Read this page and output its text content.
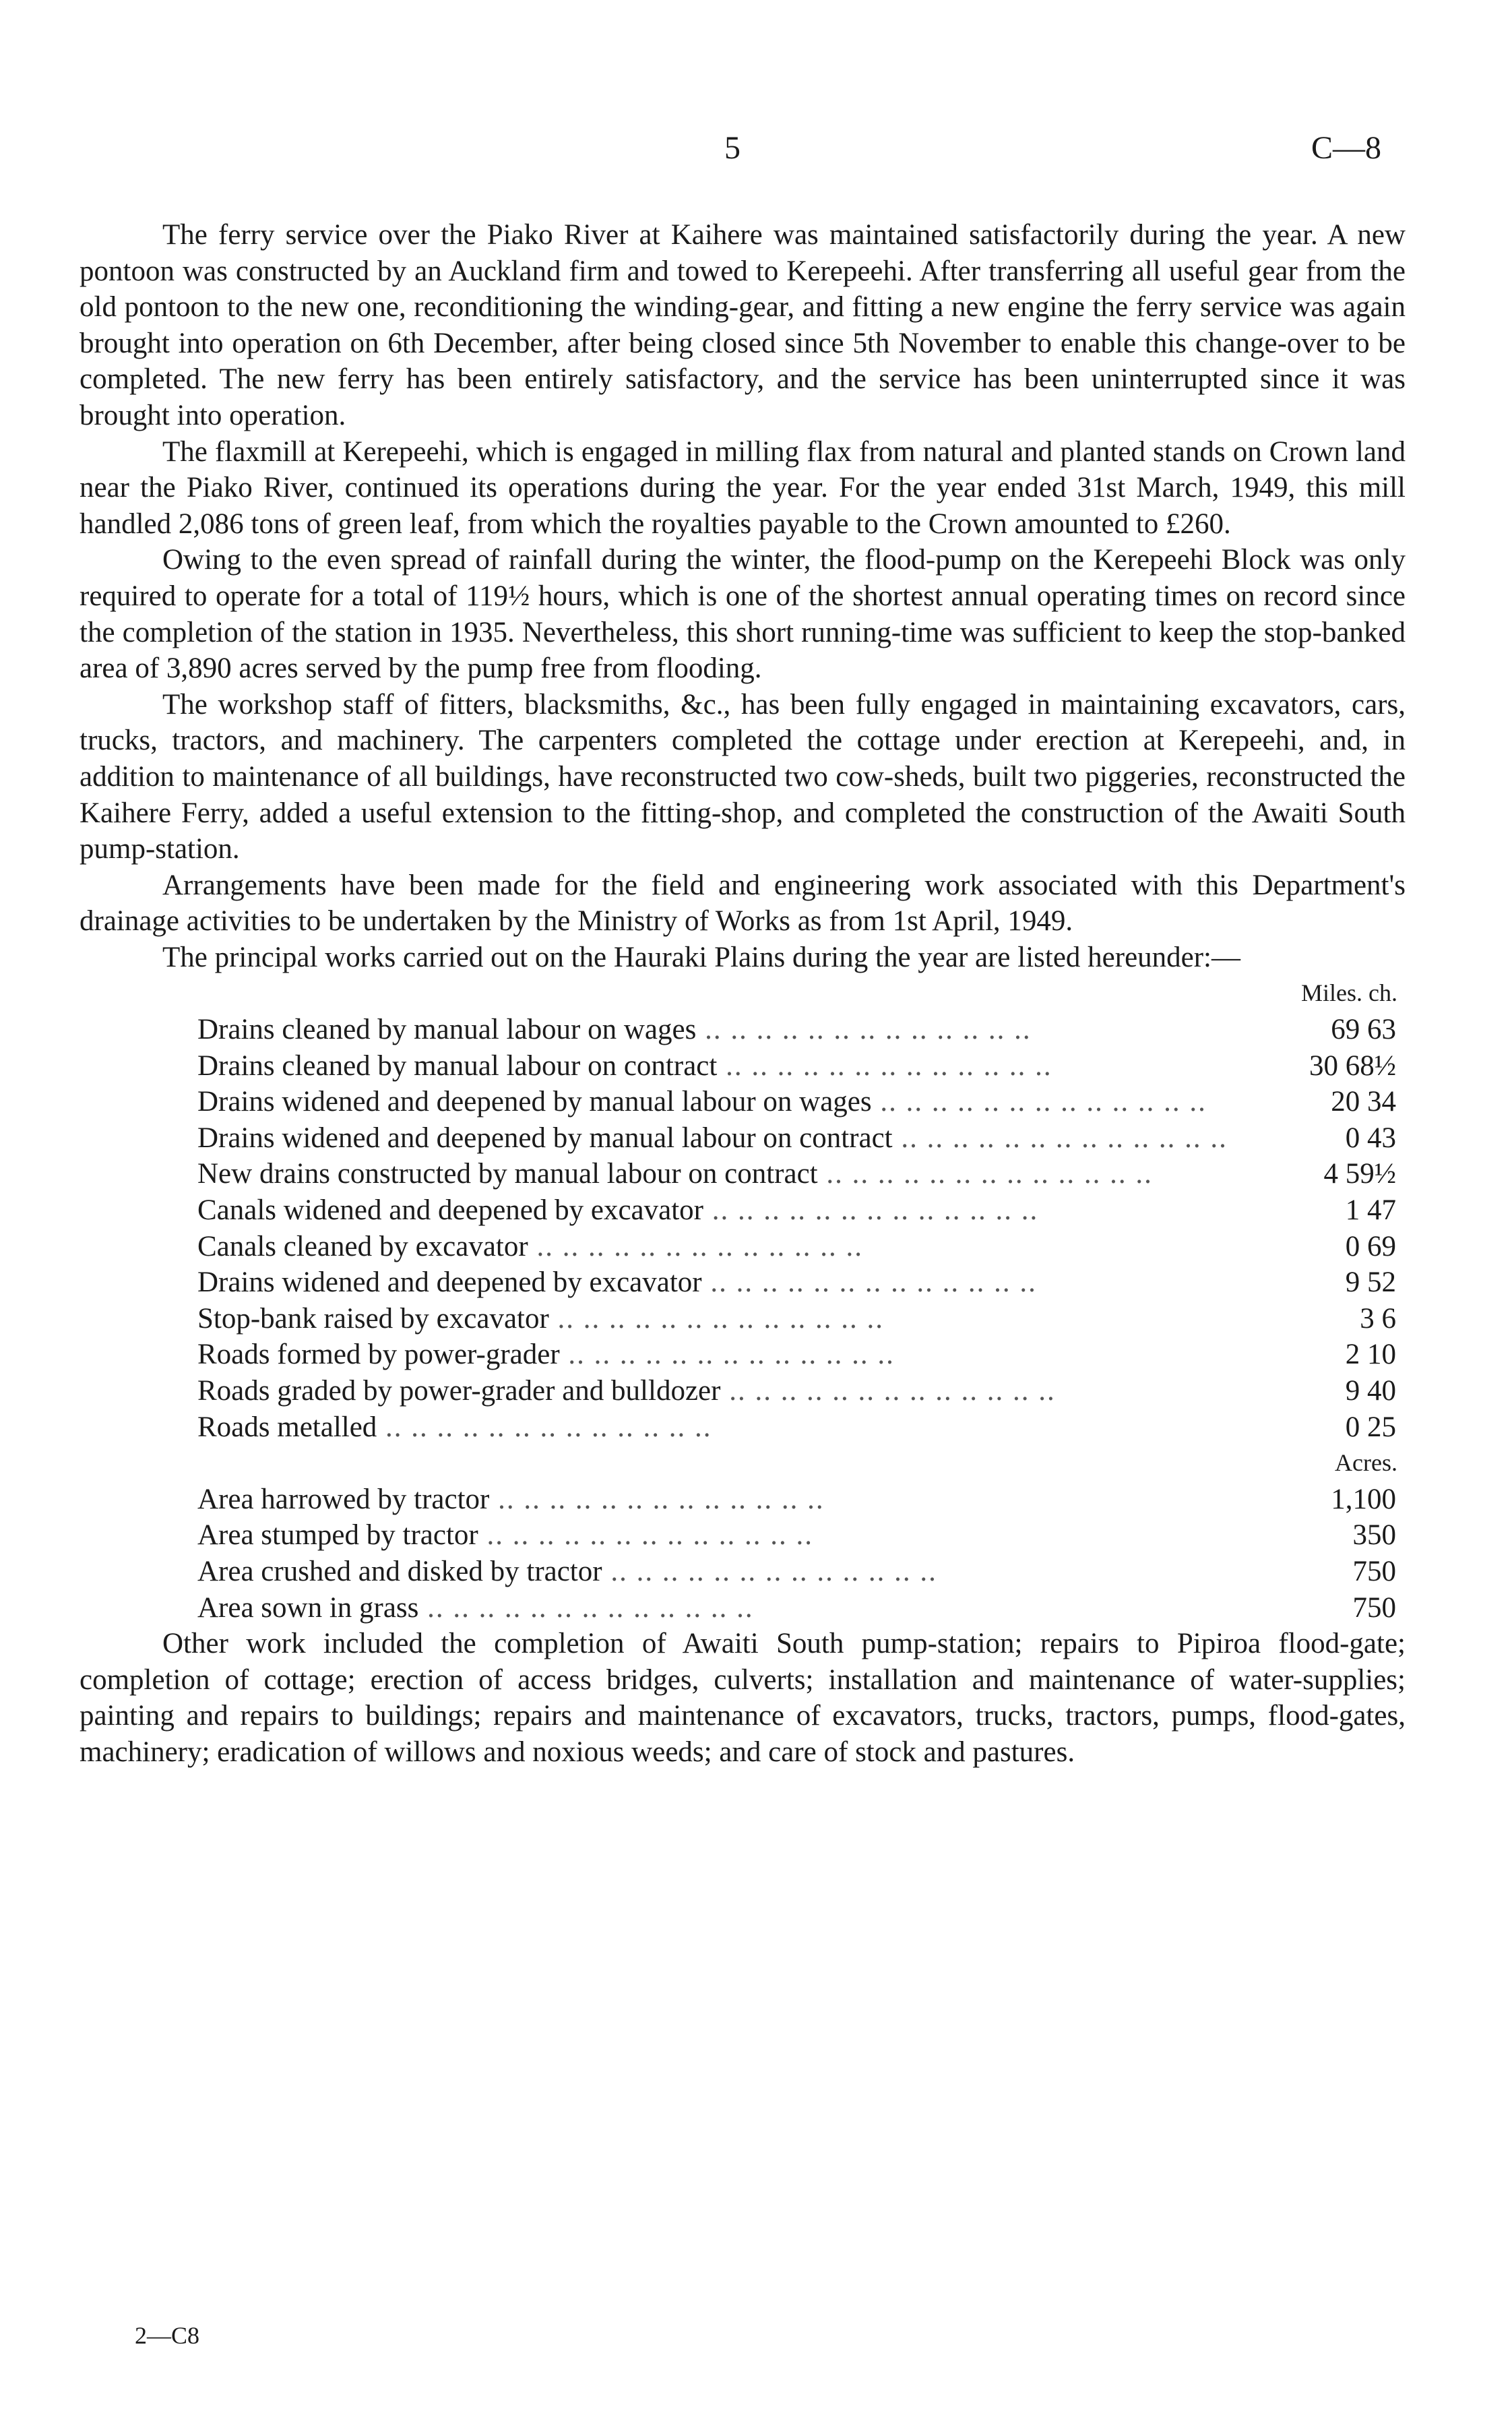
5	C—8

The ferry service over the Piako River at Kaihere was maintained satisfactorily during the year. A new pontoon was constructed by an Auckland firm and towed to Kerepeehi. After transferring all useful gear from the old pontoon to the new one, reconditioning the winding-gear, and fitting a new engine the ferry service was again brought into operation on 6th December, after being closed since 5th November to enable this change-over to be completed. The new ferry has been entirely satisfactory, and the service has been uninterrupted since it was brought into operation.

The flaxmill at Kerepeehi, which is engaged in milling flax from natural and planted stands on Crown land near the Piako River, continued its operations during the year. For the year ended 31st March, 1949, this mill handled 2,086 tons of green leaf, from which the royalties payable to the Crown amounted to £260.

Owing to the even spread of rainfall during the winter, the flood-pump on the Kerepeehi Block was only required to operate for a total of 119½ hours, which is one of the shortest annual operating times on record since the completion of the station in 1935. Nevertheless, this short running-time was sufficient to keep the stop-banked area of 3,890 acres served by the pump free from flooding.

The workshop staff of fitters, blacksmiths, &c., has been fully engaged in maintaining excavators, cars, trucks, tractors, and machinery. The carpenters completed the cottage under erection at Kerepeehi, and, in addition to maintenance of all buildings, have reconstructed two cow-sheds, built two piggeries, reconstructed the Kaihere Ferry, added a useful extension to the fitting-shop, and completed the construction of the Awaiti South pump-station.

Arrangements have been made for the field and engineering work associated with this Department's drainage activities to be undertaken by the Ministry of Works as from 1st April, 1949.

The principal works carried out on the Hauraki Plains during the year are listed hereunder:—

Miles. ch.
Drains cleaned by manual labour on wages .. .	69 63
Drains cleaned by manual labour on contract .. .	30 68½
Drains widened and deepened by manual labour on wages .. .	20 34
Drains widened and deepened by manual labour on contract .. .	0 43
New drains constructed by manual labour on contract .. .	4 59½
Canals widened and deepened by excavator .. .	1 47
Canals cleaned by excavator .. .	0 69
Drains widened and deepened by excavator .. .	9 52
Stop-bank raised by excavator .. .	3 6
Roads formed by power-grader .. .	2 10
Roads graded by power-grader and bulldozer .. .	9 40
Roads metalled .. .	0 25
Acres.
Area harrowed by tractor .. .	1,100
Area stumped by tractor .. .	350
Area crushed and disked by tractor .. .	750
Area sown in grass .. .	750

Other work included the completion of Awaiti South pump-station; repairs to Pipiroa flood-gate; completion of cottage; erection of access bridges, culverts; installation and maintenance of water-supplies; painting and repairs to buildings; repairs and maintenance of excavators, trucks, tractors, pumps, flood-gates, machinery; eradication of willows and noxious weeds; and care of stock and pastures.

2—C8
